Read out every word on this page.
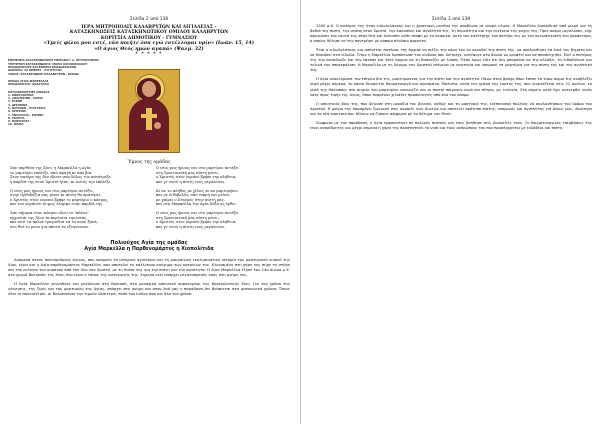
Σελίδα 2 από 138
ΙΕΡΑ ΜΗΤΡΟΠΟΛΙΣ ΚΑΛΑΒΡΥΤΩΝ ΚΑΙ ΑΙΓΙΑΛΕΙΑΣ –
ΚΑΤΑΣΚΗΝΩΣΕΙΣ ΚΑΤΑΣΚΗΝΩΤΙΚΟΥ ΟΜΙΛΟΥ ΚΑΛΑΒΡΥΤΩΝ
ΚΟΡΙΤΣΙΑ ΔΗΜΟΤΙΚΟΥ - ΓΥΜΝΑΣΙΟΥ
«Υμείς φίλοι μου εστέ, εάν ποιήτε όσα εγώ εντέλλομαι υμίν» (Ιωάν. 15, 14)
«Ο άγιος Θεός ημών αγαπά» (Ψαλμ. 32)
* * * * *
ΕΠΙΜΕΛΕΙΑ ΚΑΤΑΣΚΗΝΩΤΙΚΗΣ ΠΕΡΙΟΔΟΥ: π. ΧΡΥΣΟΣΤΟΜΟΣ
ΥΠΕΥΘΥΝΗ ΚΑΤΑΣΚΗΝΩΣΗΣ: ΜΑΡΙΑ ΚΑΡΑΝΙΚΟΛΑΟΥ
ΟΜΑΔΑΡΧΙΣΣΕΣ ΚΑΙ ΒΟΗΘΟΙ ΟΜΑΔΑΡΧΙΣΣΩΝ
ΔΙΑΡΚΕΙΑ: 10 ΗΜΕΡΕΣ - ΑΥΓΟΥΣΤΟΣ
ΤΟΠΟΣ: ΚΑΤΑΣΚΗΝΩΣΗ ΚΑΛΑΒΡΥΤΩΝ - ΟΜΑΔΑ
ΟΜΑΔΑ ΑΓΙΑΣ ΜΑΡΚΕΛΛΑΣ
ΟΜΑΔΑΡΧΙΣΣΑ: ΑΝΑΣΤΑΣΙΑ
ΚΑΤΑΣΚΗΝΩΤΡΙΕΣ ΟΜΑΔΑΣ:
1. ΚΩΝΣΤΑΝΤΙΝΑ
2. ΑΙΚΑΤΕΡΙΝΗ - ΜΑΡΙΑ
3. ΕΛΕΝΗ
4. ΔΕΣΠΟΙΝΑ
5. ΒΑΣΙΛΙΚΗ - ΕΥΑΓΓΕΛΙΑ
6. ΧΡΙΣΤΙΝΑ
7. ΑΝΑΣΤΑΣΙΑ - ΕΙΡΗΝΗ
8. ΓΕΩΡΓΙΑ
9. ΠΑΝΑΓΙΩΤΑ
10. ΜΑΡΙΑ
Ύμνος της ομάδας
Σαν παρθένα της Χίου, η Μαρκέλλα η Αγία,
το μαρτύριο επέλεξε, από σφαγή κι από βία.
Στον πατέρα της δεν έδωσε σαν δόλος τον κατάτρεξε,
η καρδιά της στον Χριστό ήταν, κι Αυτός την επέλεξε.
Ο νέος μας ήρωας ναι στο μαρτύριο αντέξει,
στην Ορθοδοξία μας μένει κι πίστη θα κρατήσει,
ο Χριστός στον ουρανό βρήκε το μαρτύριο ο κόσμος,
και του ουρανού το φως έλαμψε στην καρδιά της.
Σαν σήμερα στου κόσμου όλου το "πάλαι"
έρχονται της Χίου τα κορίτσια τιμώντας,
και αντί τα παλιά τραγούδια να τα πουν ξανά,
στο θεό το μόνο για πάντα τα εξυψώσουν.
Ο νέος μας ήρωας ναι στο μαρτύριο αντέξει
στη Χριστιανική μας πίστη μένει,
ο Χριστός στον ουρανό βρήκε την αλήθεια,
και γι' αυτό η πίστη τους μεγαλώνει.
Κι αν το πλήθος με χίλιες κι αν μαρτυρήσει
και με λιθοβολίες σαν νεκρή ναι μείνει,
με χαίρει ο Σταυρός στην πίστη μας,
και στη Μαρκέλλα την Αγία δόξα ας έρθει.
Ο νέος μας ήρωας ναι στο μαρτύριο αντέξει
στη Χριστιανική μας πίστη μένει,
ο Χριστός στον ουρανό βρήκε την αλήθεια,
και γι' αυτό η πίστη τους μεγαλώνει.
Πολιούχος Αγία της ομάδας
Αγία Μαρκέλλα η Παρθενομάρτυς η Χιοπολίτιδα

Ανάμεσα στους πολυάριθμους Αγίους, που κοσμούν το ιστορικό αγιολόγιο και τη μακραίωνη εκκλησιαστική ιστορία του μαρτυρικού νησιού της Χίου, είναι και η Αγία παρθενομάρτυς Μαρκέλλα, που αποτελεί το καλλίτερο καύχημα των κατοίκων της. Κλονισμένη στη χάρη της πήρε τη στέψη και την ευλογία του ουρανού από τον ίδιο τον Χριστό, με τη θυσία της για την πίστη και την αγνότητα. Η Αγία Μαρκέλλα έζησε τον 14ο αιώνα μ.Χ. στο χωριό Βολισσός της Χίου, που είναι ο τόπος της καταγωγής της. Σήμερα εκεί υπάρχει μεγαλοπρεπής ναός στη μνήμη της.

Η Αγία Μαρκέλλα γεννήθηκε και μεγάλωσε στη Βολισσό, στο μοναχικό ασκητικό κεφαλοχώρι της βορειοδυτικής Χίου. Για τον χρόνο της γέννησης, της ζωής και του μαρτυρίου της Αγίας, υπάρχει στη μνήμη και στον λαό μας η παράδοση ότι βρίσκεται στα μεσαιωνικά χρόνια. Όπως λένε οι παλαιότεροι, οι Βολισσιανοί την τιμούν ιδιαίτερα, τόσο τον Ιούλιο όσο και όλο τον χρόνο.

Σελίδα 3 από 138

1500 μ.Χ. Ο πατέρας της ήταν ειδωλολάτρης και η χριστιανή μητέρα της αποβίωσε σε νεαρή ηλικία. Η Μαρκέλλα διακρίθηκε από μικρή για τη βαθιά της πίστη, την αγάπη στον Χριστό, την καλοσύνη και αγνότητά της, τη σεμνότητα και την ευγένεια της ψυχής της. Πριν ακόμη μεγαλώσει, είχε αφιερώσει τον εαυτό της στον Θεό και διέκοπτε κάθε επαφή με τα κοσμικά. Αυτό τον κατέτρεχε τον πατέρα της με τον αγνωστικιστή του χαρακτήρα, ο οποίος θέλησε να την παντρέψει με κάποιο πλούσιο άρχοντα.

Έτσι ο ειδωλολάτρης και ασύνετος πατέρας της άρχισε να πιέζει την κόρη του να αρνηθεί την πίστη της, να ακολουθήσει τα δικά του βήματα και να θυσιάσει στα είδωλα. Όταν η Μαρκέλλα διαπίστωσε τον κίνδυνο που διέτρεχε, κατέφυγε στο βουνό να κρυφτεί και να προσευχηθεί. Εκεί ο πατέρας της την καταδίωξε και την έφτασε και τότε άρχισε να τη βασανίζει με λύσσα. Όταν όμως είδε ότι δεν μπορούσε να την αλλάξει, τη λιθοβόλησε και τελικά την αποκεφάλισε. Η Μαρκέλλα με τη δύναμη του Χριστού υπέμεινε με καρτερία και υπομονή τα μαρτύρια για την πίστη της και την αγνότητά της.

Η Αγία ολοκλήρωσε τον επίγειο βίο της, μαρτυρώντας για την πίστη και την αγνότητα. Πάνω στον βράχο όπου έπεσε το τίμιο σώμα της αναβλύζει νερό μέχρι σήμερα, το οποίο θεωρείται θαυματουργό και αγιασμένο. Μάλιστα, κατά την ημέρα της εορτής της, που γιορτάζεται στις 22 Ιουλίου, το νερό της θάλασσας στο σημείο του μαρτυρίου κοκκινίζει και οι πιστοί παίρνουν νερό και πέτρες ως ευλογία. Στο σημείο αυτό έχει ανεγερθεί ιερός ναός προς τιμήν της Αγίας, όπου συρρέουν χιλιάδες προσκυνητές από όλο τον κόσμο.

Ο ασκητικός βίος της, που διήνυσε στη μοναξιά του βουνού, καθώς και το μαρτύριό της, ενέπνευσαν πολλούς να ακολουθήσουν τον δρόμο του Χριστού. Η μνήμη της παραμένει ζωντανή στις καρδιές των Χιωτών και αποτελεί πρότυπο πίστης, υπομονής και αγνότητας για όλους μας, ιδιαίτερα για τα νέα κορίτσια που θέλουν να ζήσουν σύμφωνα με το θέλημα του Θεού.

Σύμφωνα με την παράδοση, η Αγία εμφανίστηκε σε πολλούς πιστούς και τους βοήθησε στις δυσκολίες τους. Οι θαυματουργικές επεμβάσεις της είναι αναρίθμητες και μέχρι σήμερα η χάρη της προστατεύει το νησί και τους ανθρώπους του που προσέρχονται με ευλάβεια και πίστη.
